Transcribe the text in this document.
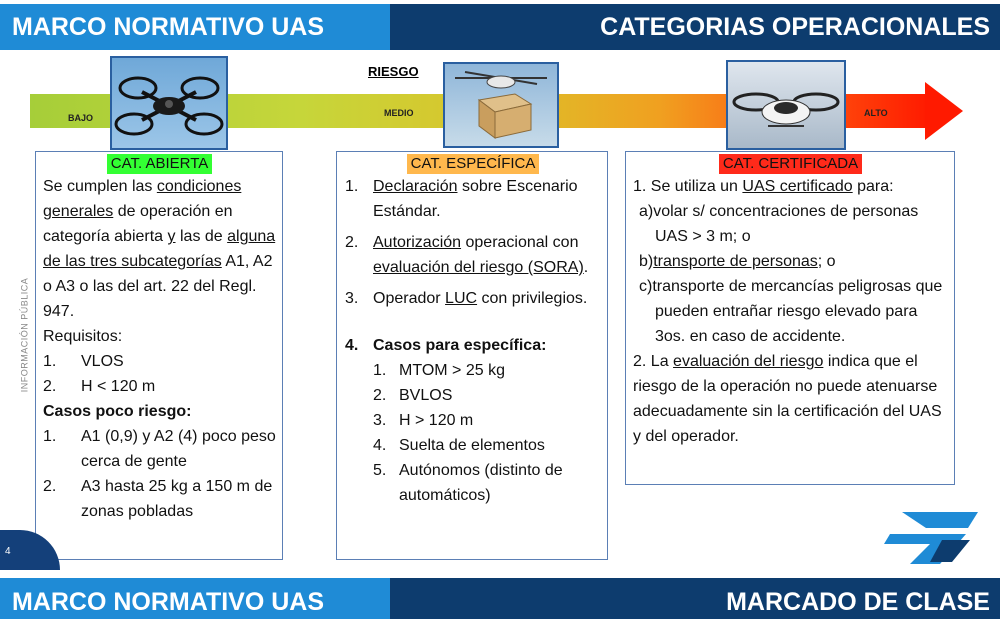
MARCO NORMATIVO UAS	CATEGORIAS OPERACIONALES
RIESGO
BAJO	MEDIO	ALTO
INFORMACIÓN PÚBLICA
CAT. ABIERTA
Se cumplen las condiciones generales de operación en categoría abierta y las de alguna de las tres subcategorías A1, A2 o A3 o las del art. 22 del Regl. 947.
Requisitos:
1.	VLOS
2.	H < 120 m
Casos poco riesgo:
1.	A1 (0,9) y A2 (4) poco peso cerca de gente
2.	A3 hasta 25 kg a 150 m de zonas pobladas
CAT. ESPECÍFICA
1. Declaración sobre Escenario Estándar.
2. Autorización operacional con evaluación del riesgo (SORA).
3. Operador LUC con privilegios.
4. Casos para específica:
1. MTOM > 25 kg
2. BVLOS
3. H > 120 m
4. Suelta de elementos
5. Autónomos (distinto de automáticos)
CAT. CERTIFICADA
1. Se utiliza un UAS certificado para:
a)volar s/ concentraciones de personas UAS > 3 m; o
b)transporte de personas; o
c)transporte de mercancías peligrosas que pueden entrañar riesgo elevado para 3os. en caso de accidente.
2. La evaluación del riesgo indica que el riesgo de la operación no puede atenuarse adecuadamente sin la certificación del UAS y del operador.
4
MARCO NORMATIVO UAS	MARCADO DE CLASE
